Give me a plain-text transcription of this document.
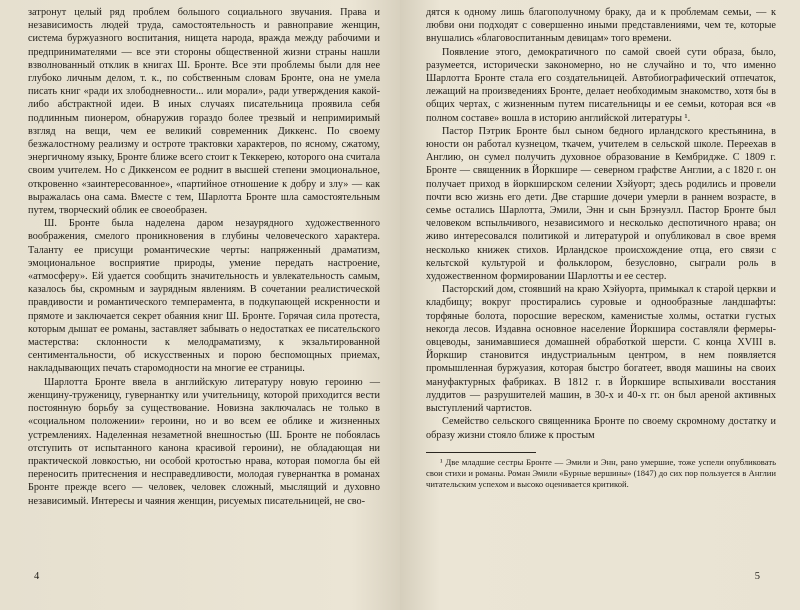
затронут целый ряд проблем большого социального звучания. Права и независимость людей труда, самостоятельность и равноправие женщин, система буржуазного воспитания, нищета народа, вражда между рабочими и предпринимателями — все эти стороны общественной жизни страны нашли взволнованный отклик в книгах Ш. Бронте. Все эти проблемы были для нее глубоко личным делом, т. к., по собственным словам Бронте, она не умела писать книг «ради их злободневности... или морали», ради утверждения какой-либо абстрактной идеи. В иных случаях писательница проявила себя подлинным пионером, обнаружив гораздо более трезвый и непримиримый взгляд на вещи, чем ее великий современник Диккенс. По своему безжалостному реализму и остроте трактовки характеров, по ясному, сжатому, энергичному языку, Бронте ближе всего стоит к Теккерею, которого она считала своим учителем. Но с Диккенсом ее роднит в высшей степени эмоциональное, откровенно «заинтересованное», «партийное отношение к добру и злу» — как выражалась она сама. Вместе с тем, Шарлотта Бронте шла самостоятельным путем, творческий облик ее своеобразен.

Ш. Бронте была наделена даром незаурядного художественного воображения, смелого проникновения в глубины человеческого характера. Таланту ее присущи романтические черты: напряженный драматизм, эмоциональное восприятие природы, умение передать настроение, «атмосферу». Ей удается сообщить значительность и увлекательность самым, казалось бы, скромным и заурядным явлениям. В сочетании реалистической правдивости и романтического темперамента, в подкупающей искренности и прямоте и заключается секрет обаяния книг Ш. Бронте. Горячая сила протеста, которым дышат ее романы, заставляет забывать о недостатках ее писательского мастерства: склонности к мелодраматизму, к экзальтированной сентиментальности, об искусственных и порою беспомощных приемах, накладывающих печать старомодности на многие ее страницы.

Шарлотта Бронте ввела в английскую литературу новую героиню — женщину-труженицу, гувернантку или учительницу, которой приходится вести постоянную борьбу за существование. Новизна заключалась не только в «социальном положении» героини, но и во всем ее облике и жизненных устремлениях. Наделенная незаметной внешностью (Ш. Бронте не побоялась отступить от испытанного канона красивой героини), не обладающая ни практической ловкостью, ни особой кротостью нрава, которая помогла бы ей переносить притеснения и несправедливости, молодая гувернантка в романах Бронте прежде всего — человек, человек сложный, мыслящий и духовно независимый. Интересы и чаяния женщин, рисуемых писательницей, не сво-

4

дятся к одному лишь благополучному браку, да и к проблемам семьи, — к любви они подходят с совершенно иными представлениями, чем те, которые внушались «благовоспитанным девицам» того времени.

Появление этого, демократичного по самой своей сути образа, было, разумеется, исторически закономерно, но не случайно и то, что именно Шарлотта Бронте стала его создательницей. Автобиографический отпечаток, лежащий на произведениях Бронте, делает необходимым знакомство, хотя бы в общих чертах, с жизненным путем писательницы и ее семьи, которая вся «в полном составе» вошла в историю английской литературы ¹.

Пастор Пэтрик Бронте был сыном бедного ирландского крестьянина, в юности он работал кузнецом, ткачем, учителем в сельской школе. Переехав в Англию, он сумел получить духовное образование в Кембридже. С 1809 г. Бронте — священник в Йоркшире — северном графстве Англии, а с 1820 г. он получает приход в йоркширском селении Хэйуорт; здесь родились и провели почти всю жизнь его дети. Две старшие дочери умерли в раннем возрасте, в семье остались Шарлотта, Эмили, Энн и сын Брэнуэлл. Пастор Бронте был человеком вспыльчивого, независимого и несколько деспотичного нрава; он живо интересовался политикой и литературой и опубликовал в свое время несколько книжек стихов. Ирландское происхождение отца, его связи с кельтской культурой и фольклором, безусловно, сыграли роль в художественном формировании Шарлотты и ее сестер.

Пасторский дом, стоявший на краю Хэйуорта, примыкал к старой церкви и кладбищу; вокруг простирались суровые и однообразные ландшафты: торфяные болота, поросшие вереском, каменистые холмы, остатки густых некогда лесов. Издавна основное население Йоркшира составляли фермеры-овцеводы, занимавшиеся домашней обработкой шерсти. С конца XVIII в. Йоркшир становится индустриальным центром, в нем появляется промышленная буржуазия, которая быстро богатеет, вводя машины на своих мануфактурных фабриках. В 1812 г. в Йоркшире вспыхивали восстания луддитов — разрушителей машин, в 30-х и 40-х гг. он был ареной активных выступлений чартистов.

Семейство сельского священника Бронте по своему скромному достатку и образу жизни стояло ближе к простым

¹ Две младшие сестры Бронте — Эмили и Энн, рано умершие, тоже успели опубликовать свои стихи и романы. Роман Эмили «Бурные вершины» (1847) до сих пор пользуется в Англии читательским успехом и высоко оценивается критикой.

5
